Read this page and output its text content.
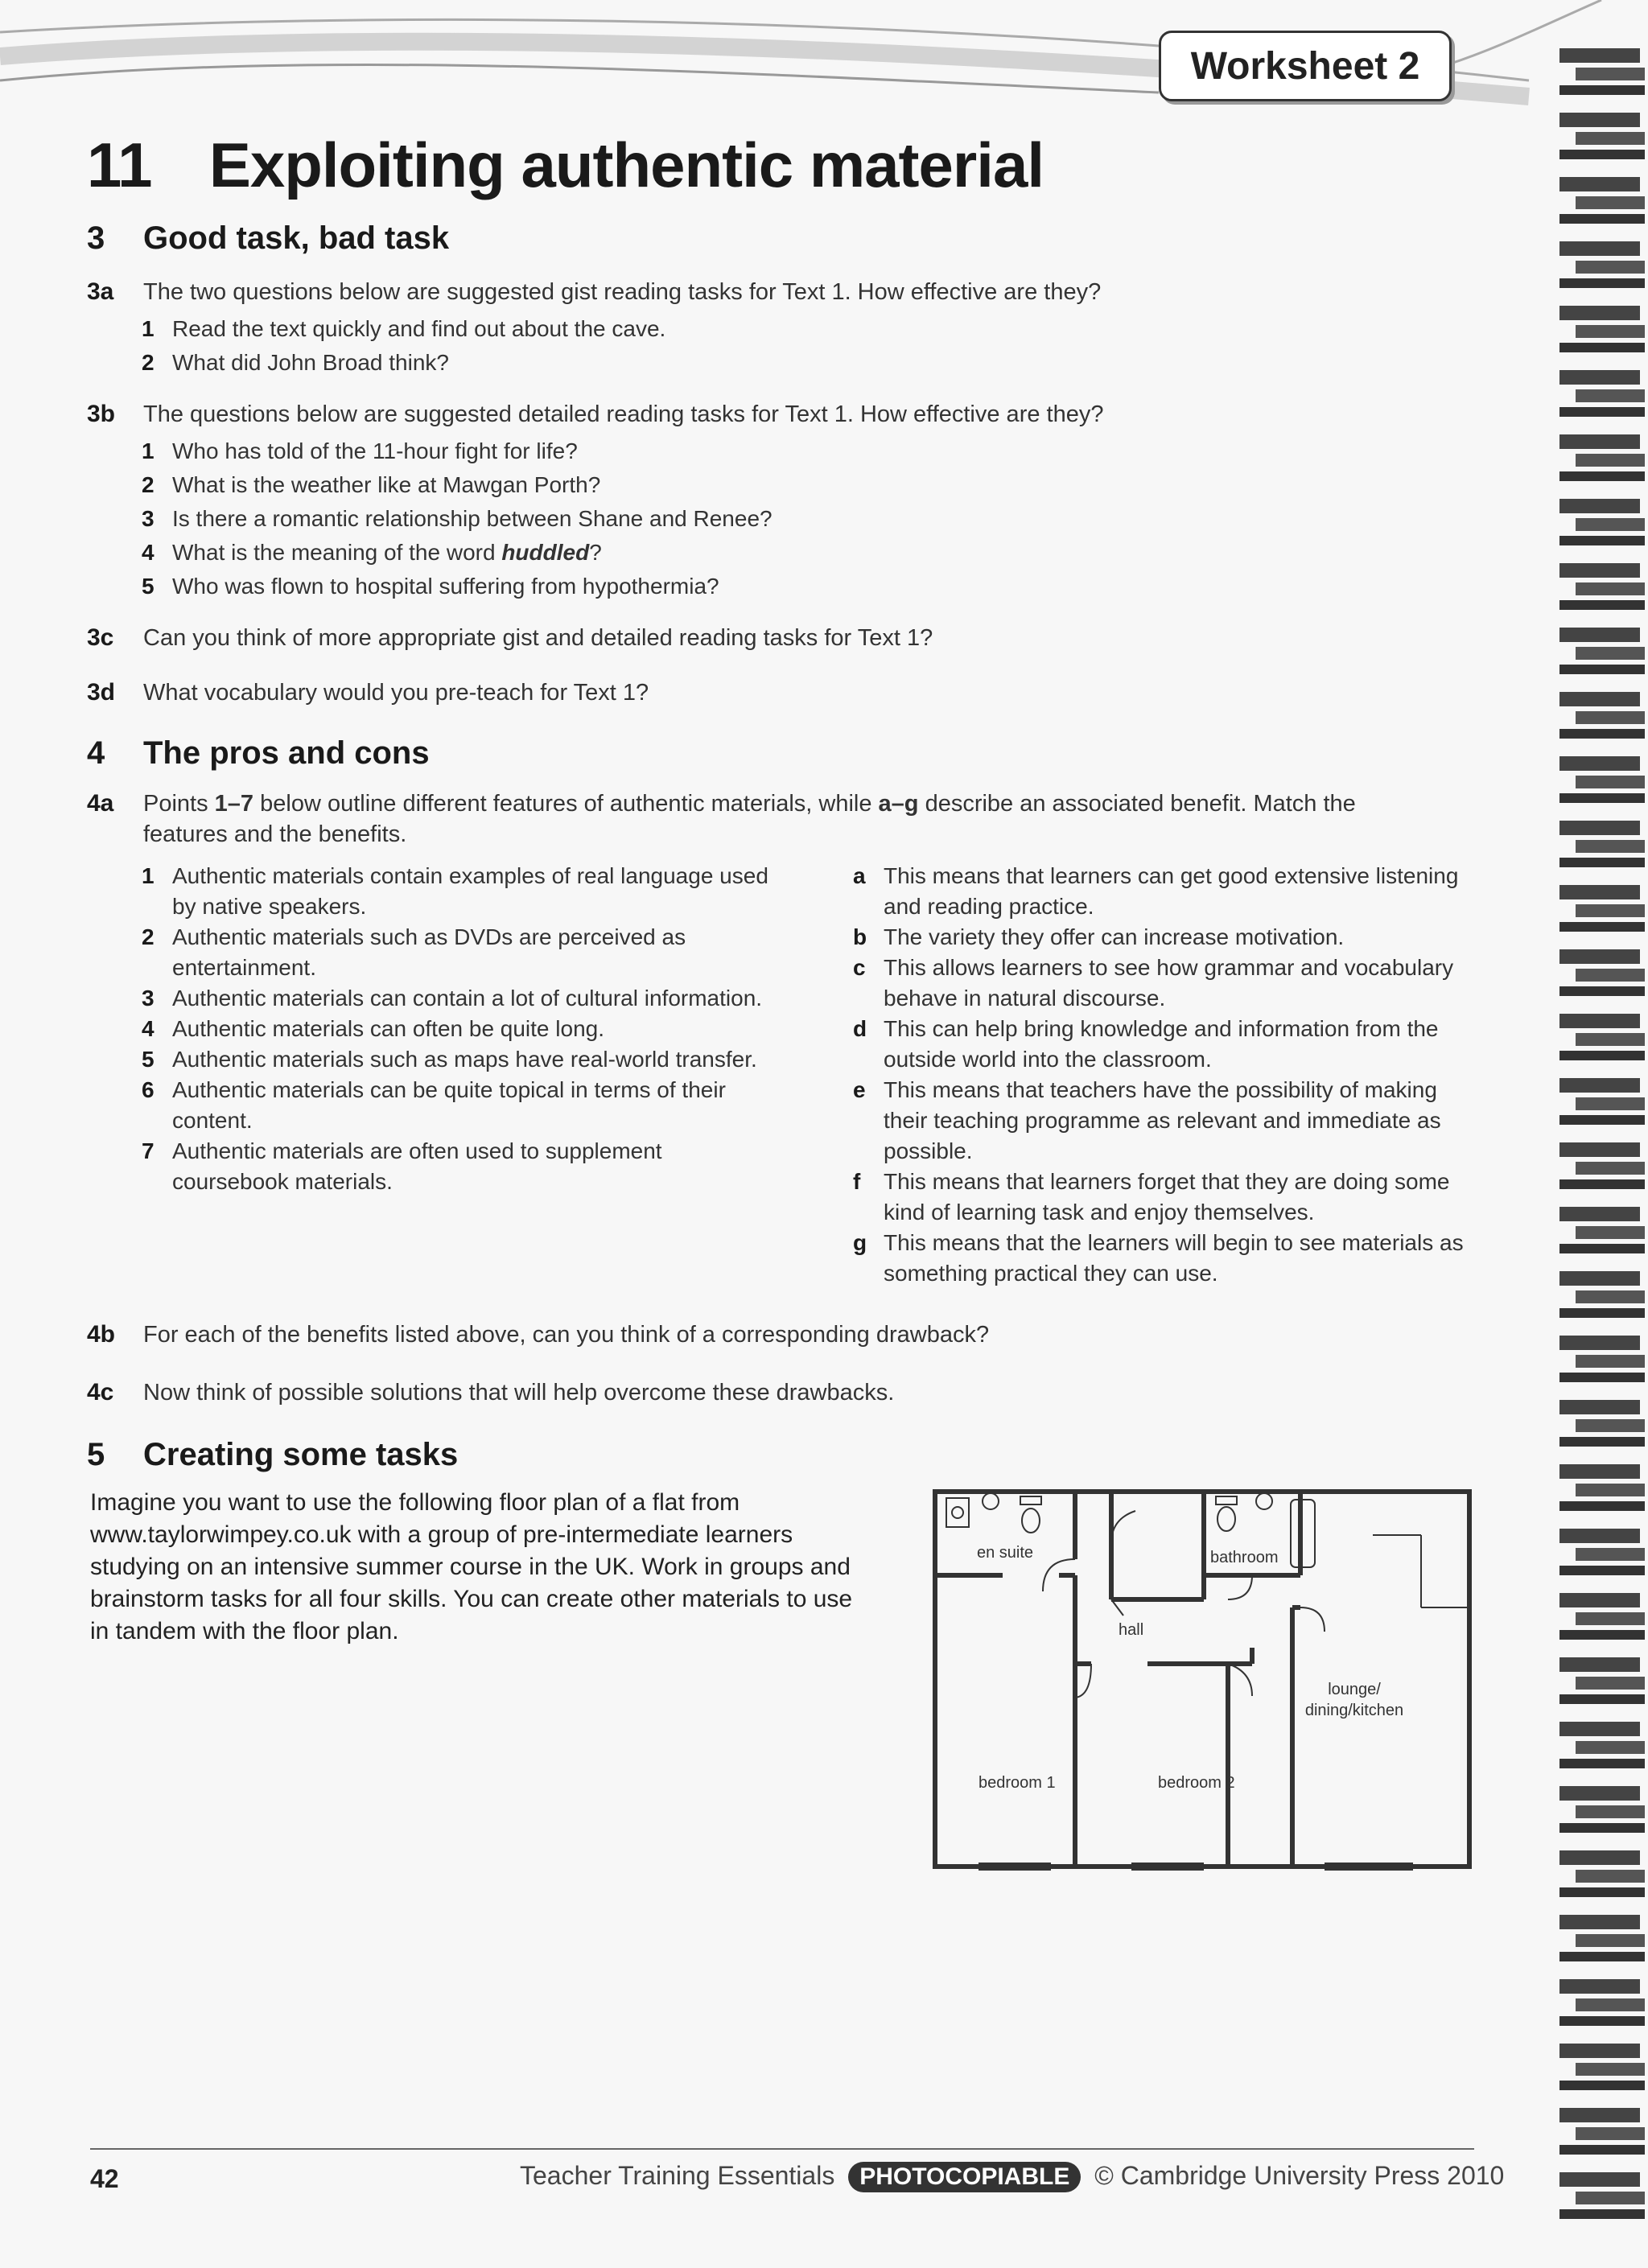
Worksheet 2
11 Exploiting authentic material
3 Good task, bad task
3a The two questions below are suggested gist reading tasks for Text 1. How effective are they?
1 Read the text quickly and find out about the cave.
2 What did John Broad think?
3b The questions below are suggested detailed reading tasks for Text 1. How effective are they?
1 Who has told of the 11-hour fight for life?
2 What is the weather like at Mawgan Porth?
3 Is there a romantic relationship between Shane and Renee?
4 What is the meaning of the word huddled?
5 Who was flown to hospital suffering from hypothermia?
3c Can you think of more appropriate gist and detailed reading tasks for Text 1?
3d What vocabulary would you pre-teach for Text 1?
4 The pros and cons
4a Points 1–7 below outline different features of authentic materials, while a–g describe an associated benefit. Match the features and the benefits.
1 Authentic materials contain examples of real language used by native speakers.
2 Authentic materials such as DVDs are perceived as entertainment.
3 Authentic materials can contain a lot of cultural information.
4 Authentic materials can often be quite long.
5 Authentic materials such as maps have real-world transfer.
6 Authentic materials can be quite topical in terms of their content.
7 Authentic materials are often used to supplement coursebook materials.
a This means that learners can get good extensive listening and reading practice.
b The variety they offer can increase motivation.
c This allows learners to see how grammar and vocabulary behave in natural discourse.
d This can help bring knowledge and information from the outside world into the classroom.
e This means that teachers have the possibility of making their teaching programme as relevant and immediate as possible.
f This means that learners forget that they are doing some kind of learning task and enjoy themselves.
g This means that the learners will begin to see materials as something practical they can use.
4b For each of the benefits listed above, can you think of a corresponding drawback?
4c Now think of possible solutions that will help overcome these drawbacks.
5 Creating some tasks
Imagine you want to use the following floor plan of a flat from www.taylorwimpey.co.uk with a group of pre-intermediate learners studying on an intensive summer course in the UK. Work in groups and brainstorm tasks for all four skills. You can create other materials to use in tandem with the floor plan.
en suite	bathroom
hall
lounge/
dining/kitchen
bedroom 1	bedroom 2
42	Teacher Training Essentials PHOTOCOPIABLE © Cambridge University Press 2010
